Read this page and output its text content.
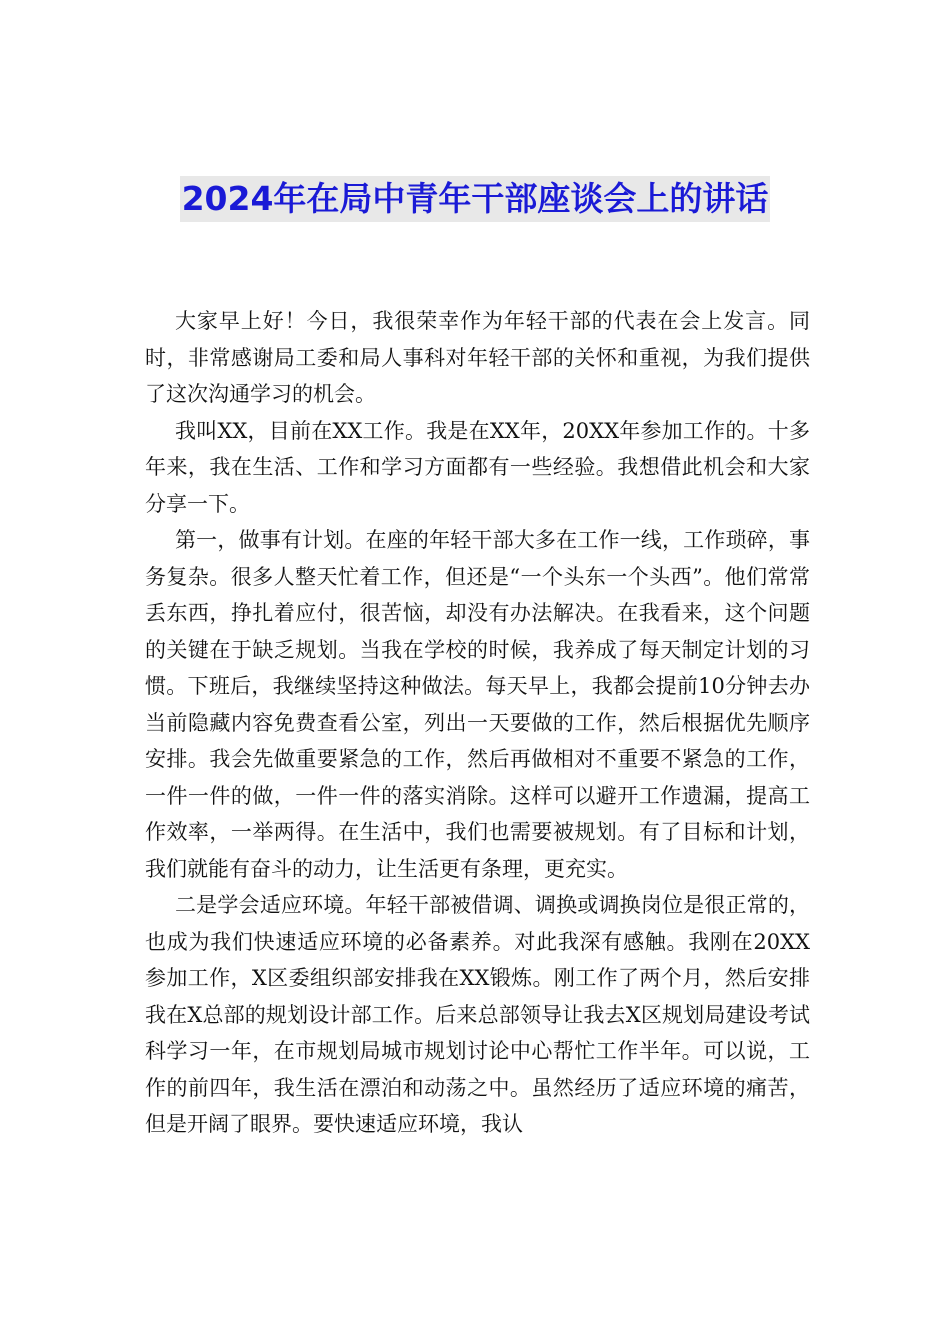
2024年在局中青年干部座谈会上的讲话

大家早上好！今日，我很荣幸作为年轻干部的代表在会上发言。同时，非常感谢局工委和局人事科对年轻干部的关怀和重视，为我们提供了这次沟通学习的机会。

我叫XX，目前在XX工作。我是在XX年，20XX年参加工作的。十多年来，我在生活、工作和学习方面都有一些经验。我想借此机会和大家分享一下。

第一，做事有计划。在座的年轻干部大多在工作一线，工作琐碎，事务复杂。很多人整天忙着工作，但还是“一个头东一个头西”。他们常常丢东西，挣扎着应付，很苦恼，却没有办法解决。在我看来，这个问题的关键在于缺乏规划。当我在学校的时候，我养成了每天制定计划的习惯。下班后，我继续坚持这种做法。每天早上，我都会提前10分钟去办当前隐藏内容免费查看公室，列出一天要做的工作，然后根据优先顺序安排。我会先做重要紧急的工作，然后再做相对不重要不紧急的工作，一件一件的做，一件一件的落实消除。这样可以避开工作遗漏，提高工作效率，一举两得。在生活中，我们也需要被规划。有了目标和计划，我们就能有奋斗的动力，让生活更有条理，更充实。

二是学会适应环境。年轻干部被借调、调换或调换岗位是很正常的，也成为我们快速适应环境的必备素养。对此我深有感触。我刚在20XX参加工作，X区委组织部安排我在XX锻炼。刚工作了两个月，然后安排我在X总部的规划设计部工作。后来总部领导让我去X区规划局建设考试科学习一年，在市规划局城市规划讨论中心帮忙工作半年。可以说，工作的前四年，我生活在漂泊和动荡之中。虽然经历了适应环境的痛苦，但是开阔了眼界。要快速适应环境，我认
